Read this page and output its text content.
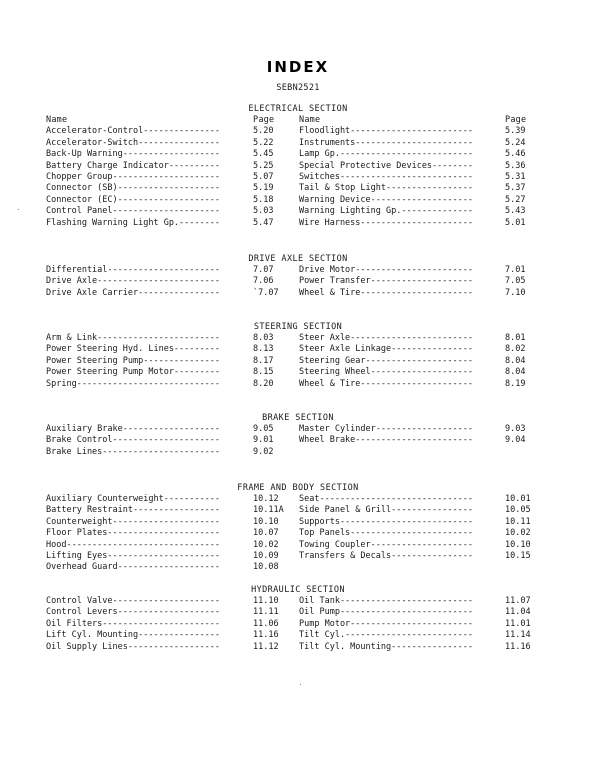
INDEX
SEBN2521
ELECTRICAL SECTION
Name	Page	Name	Page
Accelerator-Control---------------	5.20	Floodlight------------------------	5.39
Accelerator-Switch----------------	5.22	Instruments-----------------------	5.24
Back-Up Warning-------------------	5.45	Lamp Gp.--------------------------	5.46
Battery Charge Indicator----------	5.25	Special Protective Devices--------	5.36
Chopper Group---------------------	5.07	Switches--------------------------	5.31
Connector (SB)--------------------	5.19	Tail & Stop Light-----------------	5.37
Connector (EC)--------------------	5.18	Warning Device--------------------	5.27
Control Panel---------------------	5.03	Warning Lighting Gp.--------------	5.43
Flashing Warning Light Gp.--------	5.47	Wire Harness----------------------	5.01
DRIVE AXLE SECTION
Differential----------------------	7.07	Drive Motor-----------------------	7.01
Drive Axle------------------------	7.06	Power Transfer--------------------	7.05
Drive Axle Carrier----------------	`7.07 Wheel & Tire----------------------	7.10
STEERING SECTION
Arm & Link------------------------	8.03	Steer Axle------------------------	8.01
Power Steering Hyd. Lines---------	8.13	Steer Axle Linkage----------------	8.02
Power Steering Pump---------------	8.17	Steering Gear---------------------	8.04
Power Steering Pump Motor---------	8.15	Steering Wheel--------------------	8.04
Spring----------------------------	8.20	Wheel & Tire----------------------	8.19
BRAKE SECTION
Auxiliary Brake-------------------	9.05	Master Cylinder-------------------	9.03
Brake Control---------------------	9.01	Wheel Brake-----------------------	9.04
Brake Lines-----------------------	9.02
FRAME AND BODY SECTION
Auxiliary Counterweight-----------	10.12 Seat------------------------------	10.01
Battery Restraint-----------------	10.11A Side Panel & Grill----------------	10.05
Counterweight---------------------	10.10 Supports--------------------------	10.11
Floor Plates----------------------	10.07 Top Panels------------------------	10.02
Hood------------------------------	10.02 Towing Coupler--------------------	10.10
Lifting Eyes----------------------	10.09 Transfers & Decals----------------	10.15
Overhead Guard--------------------	10.08
HYDRAULIC SECTION
Control Valve---------------------	11.10 Oil Tank--------------------------	11.07
Control Levers--------------------	11.11 Oil Pump--------------------------	11.04
Oil Filters-----------------------	11.06 Pump Motor------------------------	11.01
Lift Cyl. Mounting----------------	11.16 Tilt Cyl.-------------------------	11.14
Oil Supply Lines------------------	11.12 Tilt Cyl. Mounting----------------	11.16
